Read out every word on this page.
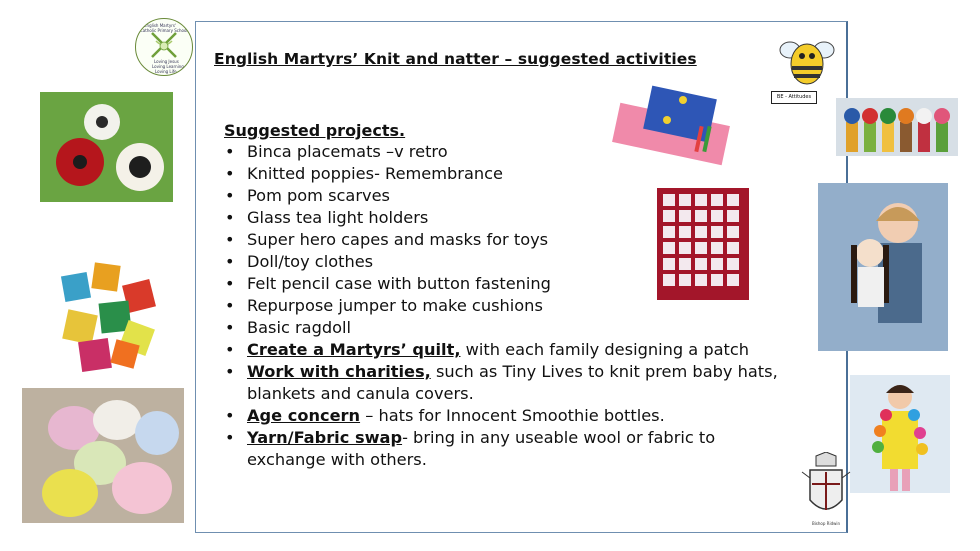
English Martyrs'
Catholic Primary School
Loving Jesus
Loving Learning
Loving Life
English Martyrs’ Knit and natter – suggested activities
Suggested projects.
• Binca placemats –v retro
• Knitted poppies- Remembrance
• Pom pom scarves
• Glass tea light holders
• Super hero capes and masks for toys
• Doll/toy clothes
• Felt pencil case with button fastening
• Repurpose jumper to make cushions
• Basic ragdoll
• Create a Martyrs’ quilt, with each family designing a patch
• Work with charities, such as Tiny Lives to knit prem baby hats, blankets and canula covers.
• Age concern – hats for Innocent Smoothie bottles.
• Yarn/Fabric swap- bring in any useable wool or fabric to exchange with others.
BE - Attitudes
Bishop Ridwin
